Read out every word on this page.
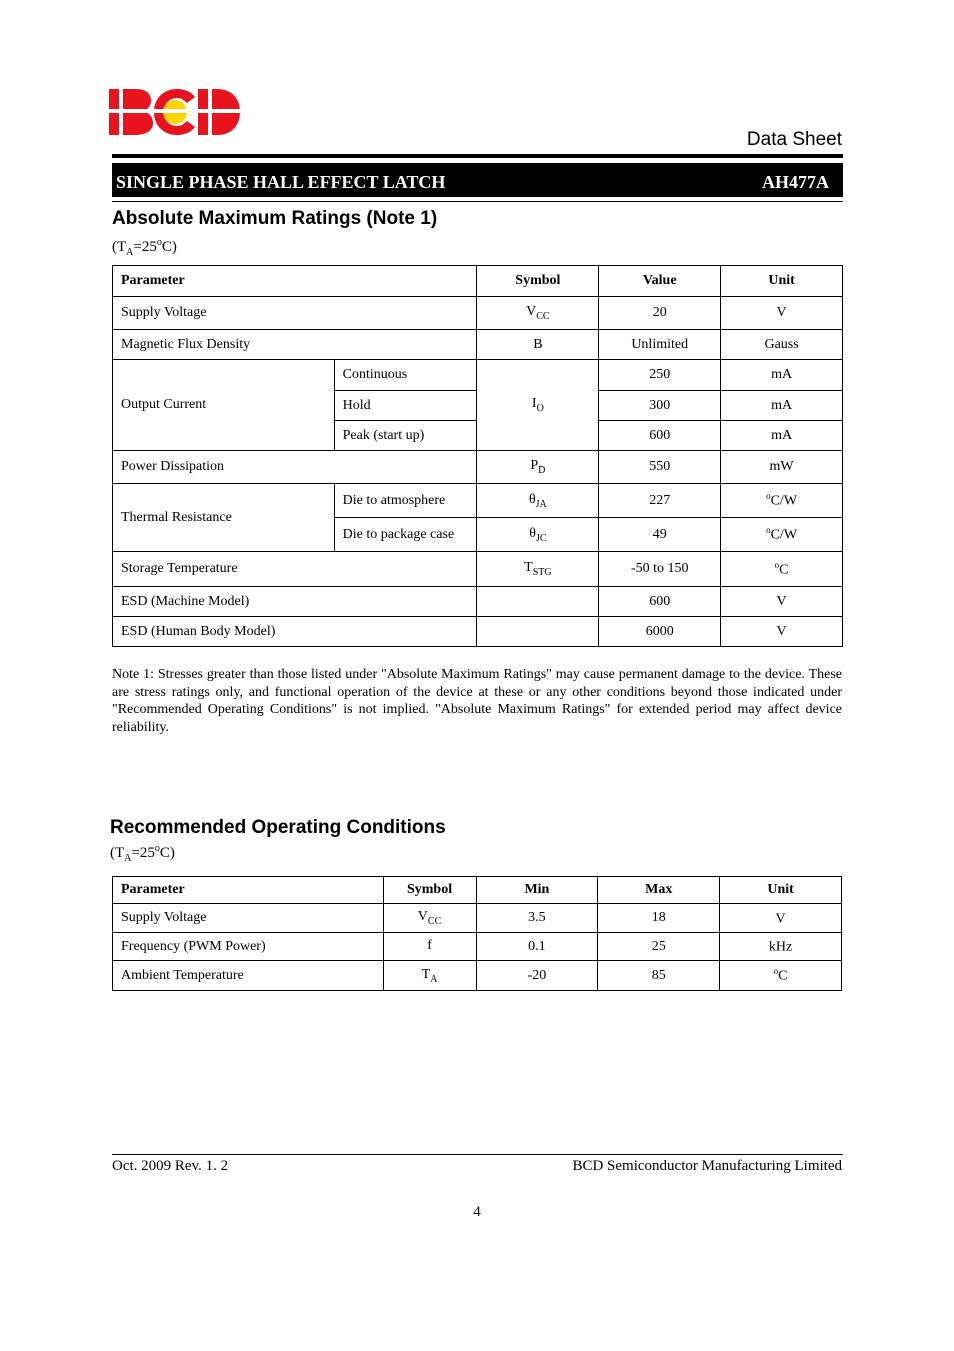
Data Sheet
SINGLE PHASE HALL EFFECT LATCH	AH477A
Absolute Maximum Ratings (Note 1)
$(T_A=25^oC)$
Parameter		Symbol	Value	Unit
Supply Voltage		$V_{CC}$	20	V
Magnetic Flux Density		B	Unlimited	Gauss
Output Current	Continuous	$I_O$	250	mA
	Hold		300	mA
	Peak (start up)		600	mA
Power Dissipation		$P_D$	550	mW
Thermal Resistance	Die to atmosphere	$\theta_{JA}$	227	$^o$C/W
	Die to package case	$\theta_{JC}$	49	$^o$C/W
Storage Temperature		$T_{STG}$	-50 to 150	$^o$C
ESD (Machine Model)			600	V
ESD (Human Body Model)			6000	V
Note 1: Stresses greater than those listed under "Absolute Maximum Ratings" may cause permanent damage to the device. These are stress ratings only, and functional operation of the device at these or any other conditions beyond those indicated under "Recommended Operating Conditions" is not implied. "Absolute Maximum Ratings" for extended period may affect device reliability.
Recommended Operating Conditions
$(T_A=25^oC)$
Parameter	Symbol	Min	Max	Unit
Supply Voltage	$V_{CC}$	3.5	18	V
Frequency (PWM Power)	f	0.1	25	kHz
Ambient Temperature	$T_A$	-20	85	$^o$C
Oct. 2009 Rev. 1. 2	BCD Semiconductor Manufacturing Limited
4
